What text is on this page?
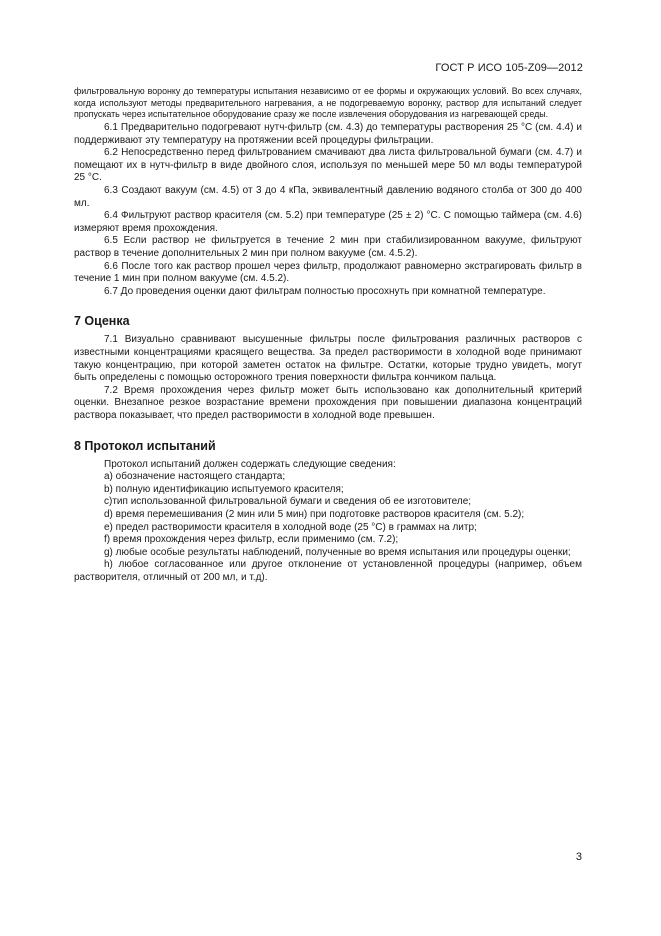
ГОСТ Р ИСО 105-Z09—2012

фильтровальную воронку до температуры испытания независимо от ее формы и окружающих условий. Во всех случаях, когда используют методы предварительного нагревания, а не подогреваемую воронку, раствор для испытаний следует пропускать через испытательное оборудование сразу же после извлечения оборудования из нагревающей среды.

6.1 Предварительно подогревают нутч-фильтр (см. 4.3) до температуры растворения 25 °С (см. 4.4) и поддерживают эту температуру на протяжении всей процедуры фильтрации.

6.2 Непосредственно перед фильтрованием смачивают два листа фильтровальной бумаги (см. 4.7) и помещают их в нутч-фильтр в виде двойного слоя, используя по меньшей мере 50 мл воды температурой 25 °С.

6.3 Создают вакуум (см. 4.5) от 3 до 4 кПа, эквивалентный давлению водяного столба от 300 до 400 мл.

6.4 Фильтруют раствор красителя (см. 5.2) при температуре (25 ± 2) °С. С помощью таймера (см. 4.6) измеряют время прохождения.

6.5 Если раствор не фильтруется в течение 2 мин при стабилизированном вакууме, фильтруют раствор в течение дополнительных 2 мин при полном вакууме (см. 4.5.2).

6.6 После того как раствор прошел через фильтр, продолжают равномерно экстрагировать фильтр в течение 1 мин при полном вакууме (см. 4.5.2).

6.7 До проведения оценки дают фильтрам полностью просохнуть при комнатной температуре.

7 Оценка

7.1 Визуально сравнивают высушенные фильтры после фильтрования различных растворов с известными концентрациями красящего вещества. За предел растворимости в холодной воде принимают такую концентрацию, при которой заметен остаток на фильтре. Остатки, которые трудно увидеть, могут быть определены с помощью осторожного трения поверхности фильтра кончиком пальца.

7.2 Время прохождения через фильтр может быть использовано как дополнительный критерий оценки. Внезапное резкое возрастание времени прохождения при повышении диапазона концентраций раствора показывает, что предел растворимости в холодной воде превышен.

8 Протокол испытаний

Протокол испытаний должен содержать следующие сведения:

a) обозначение настоящего стандарта;

b) полную идентификацию испытуемого красителя;

c)тип использованной фильтровальной бумаги и сведения об ее изготовителе;

d) время перемешивания (2 мин или 5 мин) при подготовке растворов красителя (см. 5.2);

e) предел растворимости красителя в холодной воде (25 °С) в граммах на литр;

f) время прохождения через фильтр, если применимо (см. 7.2);

g) любые особые результаты наблюдений, полученные во время испытания или процедуры оценки;

h) любое согласованное или другое отклонение от установленной процедуры (например, объем растворителя, отличный от 200 мл, и т.д).

3
